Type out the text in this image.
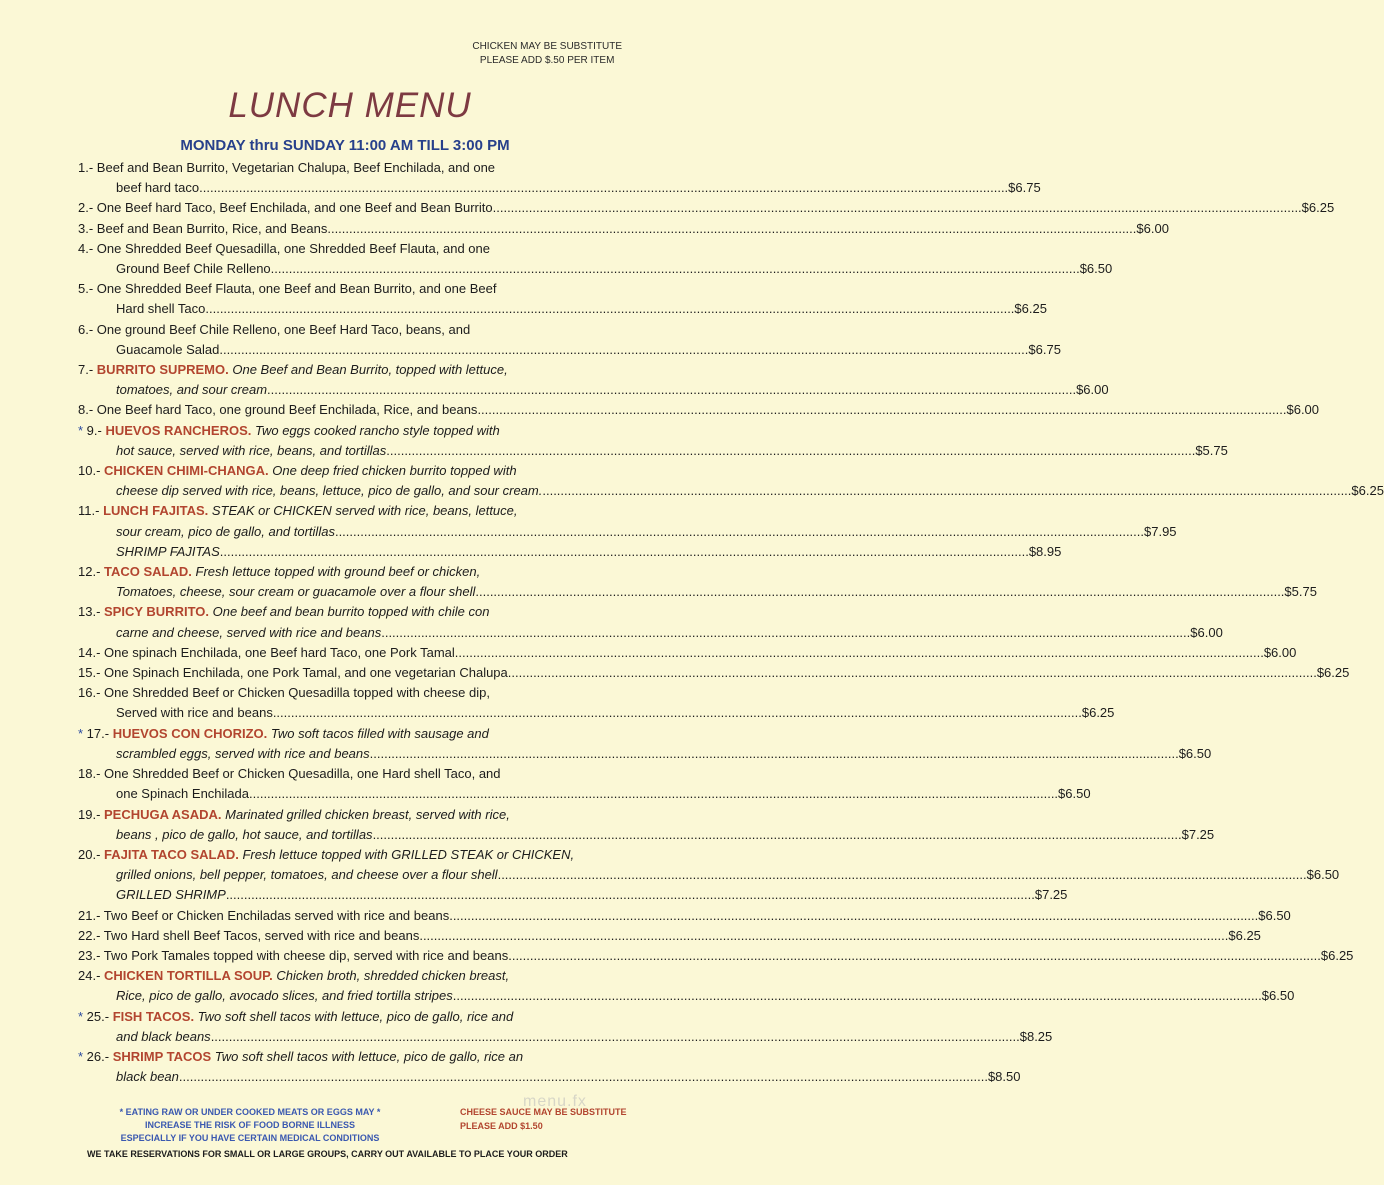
CHICKEN MAY BE SUBSTITUTE
PLEASE ADD $.50 PER ITEM
LUNCH MENU
MONDAY thru SUNDAY 11:00 AM TILL 3:00 PM
1.- Beef and Bean Burrito, Vegetarian Chalupa, Beef Enchilada, and one
beef hard taco .....	$6.75
2.- One Beef hard Taco, Beef Enchilada, and one Beef and Bean Burrito .....	$6.25
3.- Beef and Bean Burrito, Rice, and Beans .....	$6.00
4.- One Shredded Beef Quesadilla, one Shredded Beef Flauta, and one
Ground Beef Chile Relleno .....	$6.50
5.- One Shredded Beef Flauta, one Beef and Bean Burrito, and one Beef
Hard shell Taco .....	$6.25
6.- One ground Beef Chile Relleno, one Beef Hard Taco, beans, and
Guacamole Salad .....	$6.75
7.- BURRITO SUPREMO. One Beef and Bean Burrito, topped with lettuce,
tomatoes, and sour cream .....	$6.00
8.- One Beef hard Taco, one ground Beef Enchilada, Rice, and beans .....	$6.00
* 9.- HUEVOS RANCHEROS. Two eggs cooked rancho style topped with
hot sauce, served with rice, beans, and tortillas .....	$5.75
10.- CHICKEN CHIMI-CHANGA. One deep fried chicken burrito topped with
cheese dip served with rice, beans, lettuce, pico de gallo, and sour cream. .....	$6.25
11.- LUNCH FAJITAS. STEAK or CHICKEN served with rice, beans, lettuce,
sour cream, pico de gallo, and tortillas .....	$7.95
SHRIMP FAJITAS .....	$8.95
12.- TACO SALAD. Fresh lettuce topped with ground beef or chicken,
Tomatoes, cheese, sour cream or guacamole over a flour shell .....	$5.75
13.- SPICY BURRITO. One beef and bean burrito topped with chile con
carne and cheese, served with rice and beans .....	$6.00
14.- One spinach Enchilada, one Beef hard Taco, one Pork Tamal .....	$6.00
15.- One Spinach Enchilada, one Pork Tamal, and one vegetarian Chalupa .....	$6.25
16.- One Shredded Beef or Chicken Quesadilla topped with cheese dip,
Served with rice and beans .....	$6.25
* 17.- HUEVOS CON CHORIZO. Two soft tacos filled with sausage and
scrambled eggs, served with rice and beans .....	$6.50
18.- One Shredded Beef or Chicken Quesadilla, one Hard shell Taco, and
one Spinach Enchilada .....	$6.50
19.- PECHUGA ASADA. Marinated grilled chicken breast, served with rice,
beans , pico de gallo, hot sauce, and tortillas .....	$7.25
20.- FAJITA TACO SALAD. Fresh lettuce topped with GRILLED STEAK or CHICKEN,
grilled onions, bell pepper, tomatoes, and cheese over a flour shell .....	$6.50
GRILLED SHRIMP .....	$7.25
21.- Two Beef or Chicken Enchiladas served with rice and beans .....	$6.50
22.- Two Hard shell Beef Tacos, served with rice and beans .....	$6.25
23.- Two Pork Tamales topped with cheese dip, served with rice and beans. .....	$6.25
24.- CHICKEN TORTILLA SOUP. Chicken broth, shredded chicken breast,
Rice, pico de gallo, avocado slices, and fried tortilla stripes .....	$6.50
* 25.- FISH TACOS. Two soft shell tacos with lettuce, pico de gallo, rice and
and black beans .....	$8.25
* 26.- SHRIMP TACOS Two soft shell tacos with lettuce, pico de gallo, rice an
black bean .....	$8.50
menu.fx
* EATING RAW OR UNDER COOKED MEATS OR EGGS MAY *
INCREASE THE RISK OF FOOD BORNE ILLNESS
ESPECIALLY IF YOU HAVE CERTAIN MEDICAL CONDITIONS
CHEESE SAUCE MAY BE SUBSTITUTE
PLEASE ADD $1.50
WE TAKE RESERVATIONS FOR SMALL OR LARGE GROUPS, CARRY OUT AVAILABLE TO PLACE YOUR ORDER
